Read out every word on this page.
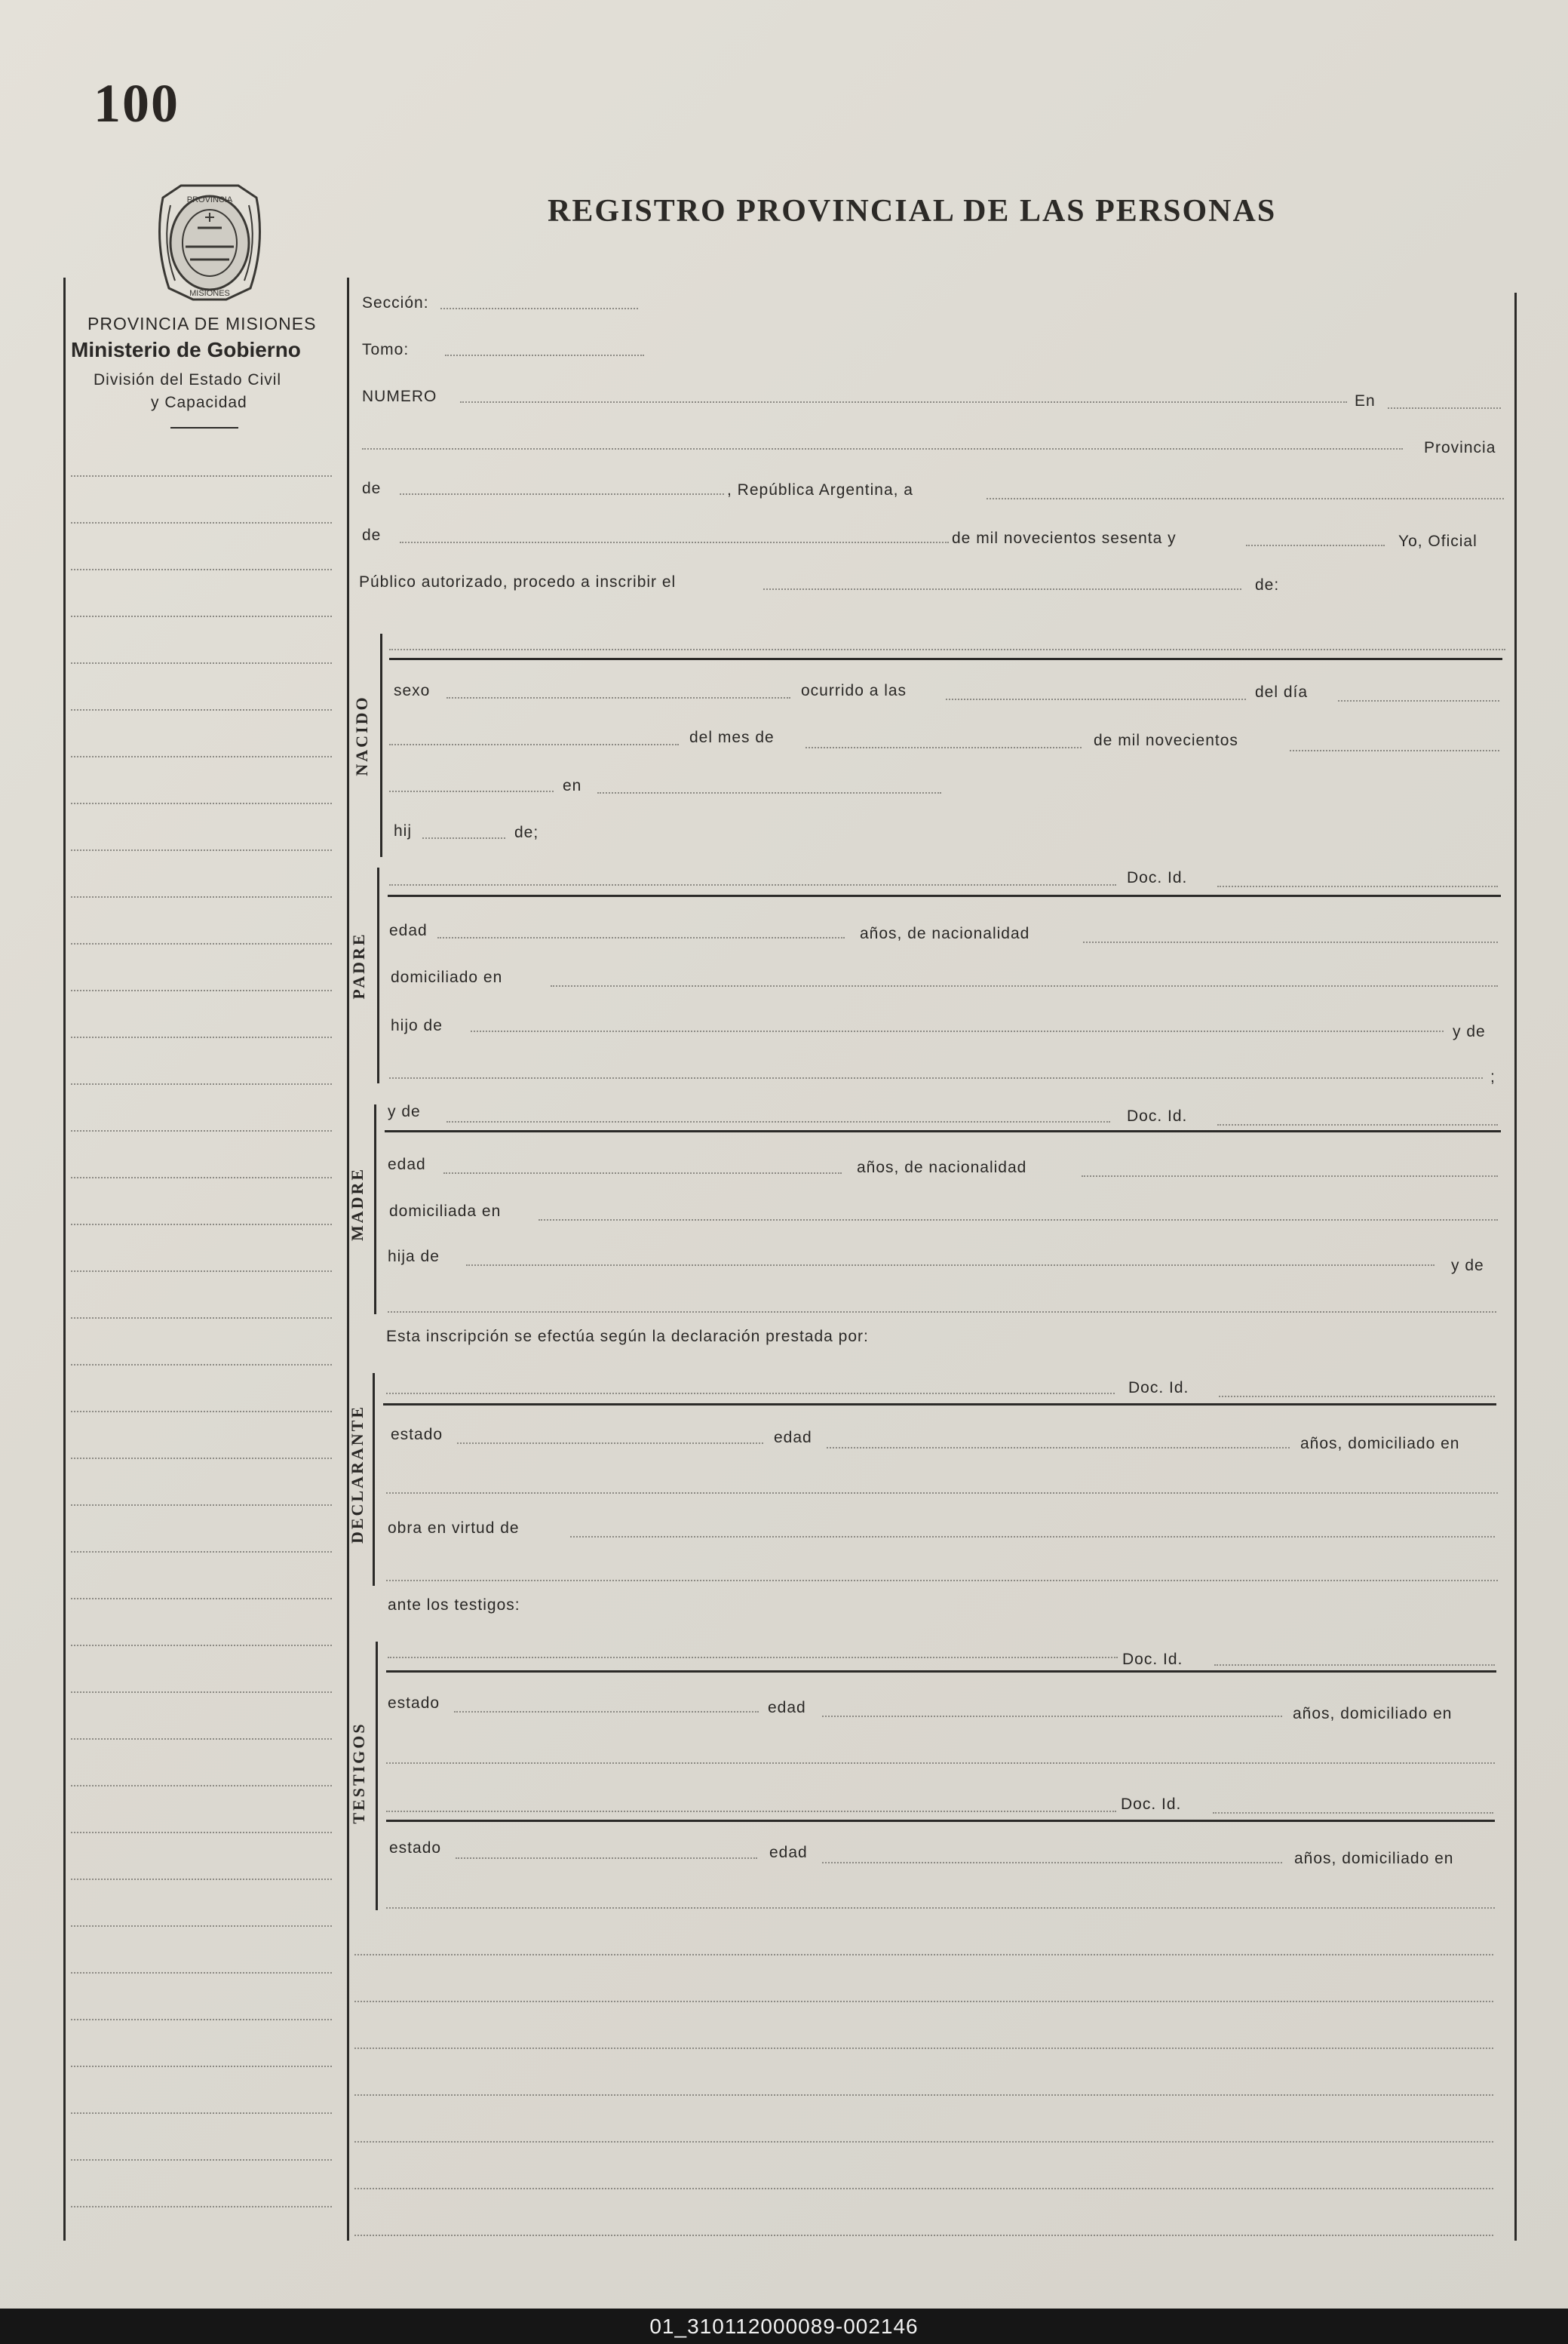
100
PROVINCIA
MISIONES
REGISTRO PROVINCIAL DE LAS PERSONAS
PROVINCIA DE MISIONES
Ministerio de Gobierno
División del Estado Civil
y Capacidad
Sección:
Tomo:
NUMERO	En
Provincia
de	, República Argentina, a
de	de mil novecientos sesenta y	Yo, Oficial
Público autorizado, procedo a inscribir el	de:
NACIDO
sexo	ocurrido a las	del día
del mes de	de mil novecientos
en
hij	de;
PADRE
Doc. Id.
edad	años, de nacionalidad
domiciliado en
hijo de	y de
;
MADRE
y de	Doc. Id.
edad	años, de nacionalidad
domiciliada en
hija de
y de
Esta inscripción se efectúa según la declaración prestada por:
DECLARANTE
Doc. Id.
estado	edad	años, domiciliado en
obra en virtud de
ante los testigos:
TESTIGOS
Doc. Id.
estado	edad	años, domiciliado en
Doc. Id.
estado	edad	años, domiciliado en
01_310112000089-002146
